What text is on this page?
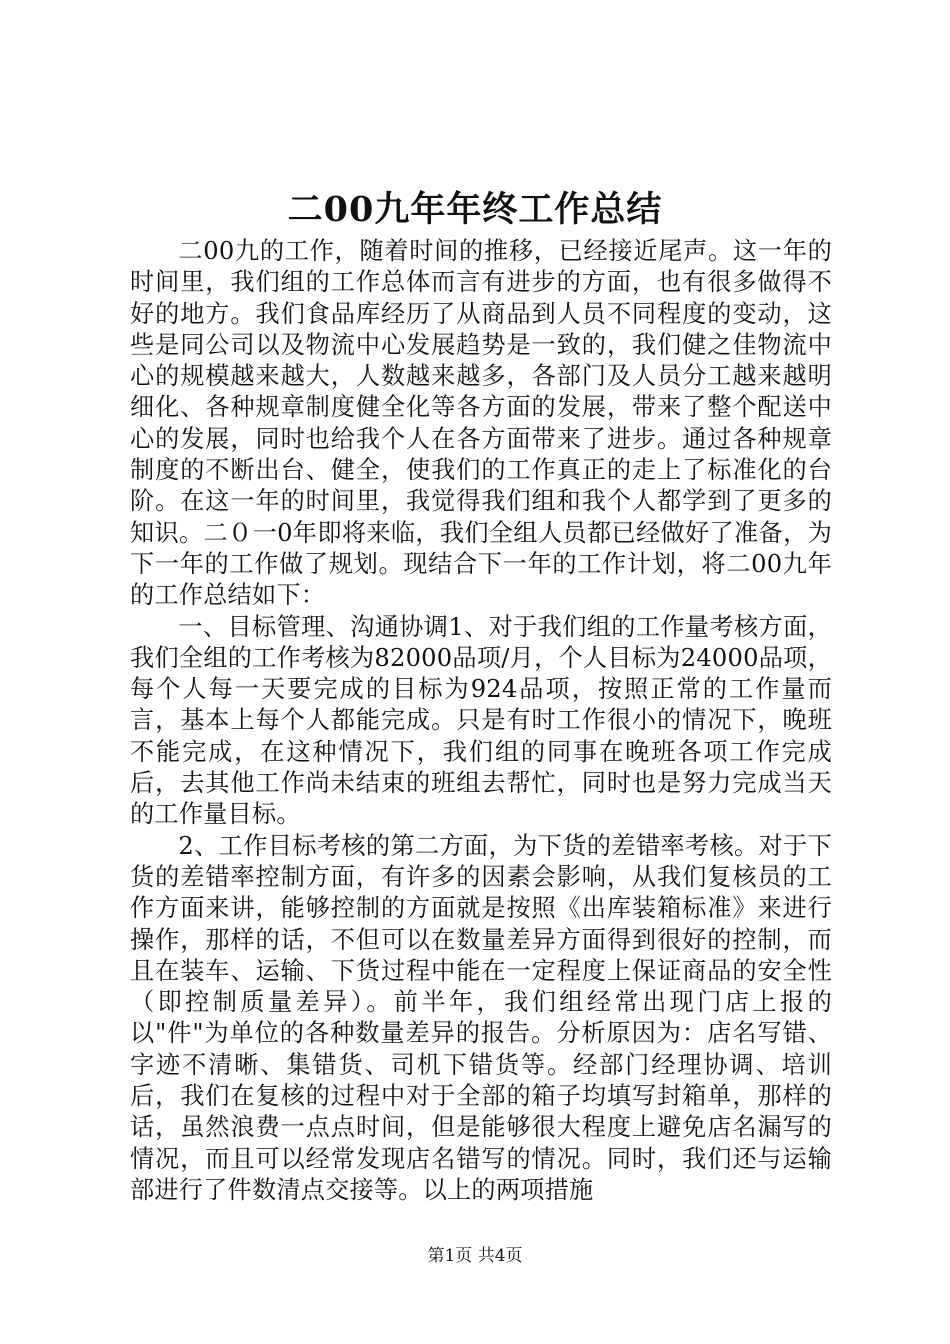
二00九年年终工作总结

二00九的工作，随着时间的推移，已经接近尾声。这一年的时间里，我们组的工作总体而言有进步的方面，也有很多做得不好的地方。我们食品库经历了从商品到人员不同程度的变动，这些是同公司以及物流中心发展趋势是一致的，我们健之佳物流中心的规模越来越大，人数越来越多，各部门及人员分工越来越明细化、各种规章制度健全化等各方面的发展，带来了整个配送中心的发展，同时也给我个人在各方面带来了进步。通过各种规章制度的不断出台、健全，使我们的工作真正的走上了标准化的台阶。在这一年的时间里，我觉得我们组和我个人都学到了更多的知识。二０一0年即将来临，我们全组人员都已经做好了准备，为下一年的工作做了规划。现结合下一年的工作计划，将二00九年的工作总结如下：

一、目标管理、沟通协调1、对于我们组的工作量考核方面，我们全组的工作考核为82000品项/月，个人目标为24000品项，每个人每一天要完成的目标为924品项，按照正常的工作量而言，基本上每个人都能完成。只是有时工作很小的情况下，晚班不能完成，在这种情况下，我们组的同事在晚班各项工作完成后，去其他工作尚未结束的班组去帮忙，同时也是努力完成当天的工作量目标。

2、工作目标考核的第二方面，为下货的差错率考核。对于下货的差错率控制方面，有许多的因素会影响，从我们复核员的工作方面来讲，能够控制的方面就是按照《出库装箱标准》来进行操作，那样的话，不但可以在数量差异方面得到很好的控制，而且在装车、运输、下货过程中能在一定程度上保证商品的安全性（即控制质量差异）。前半年，我们组经常出现门店上报的以"件"为单位的各种数量差异的报告。分析原因为：店名写错、字迹不清晰、集错货、司机下错货等。经部门经理协调、培训后，我们在复核的过程中对于全部的箱子均填写封箱单，那样的话，虽然浪费一点点时间，但是能够很大程度上避免店名漏写的情况，而且可以经常发现店名错写的情况。同时，我们还与运输部进行了件数清点交接等。以上的两项措施

第1页 共4页
